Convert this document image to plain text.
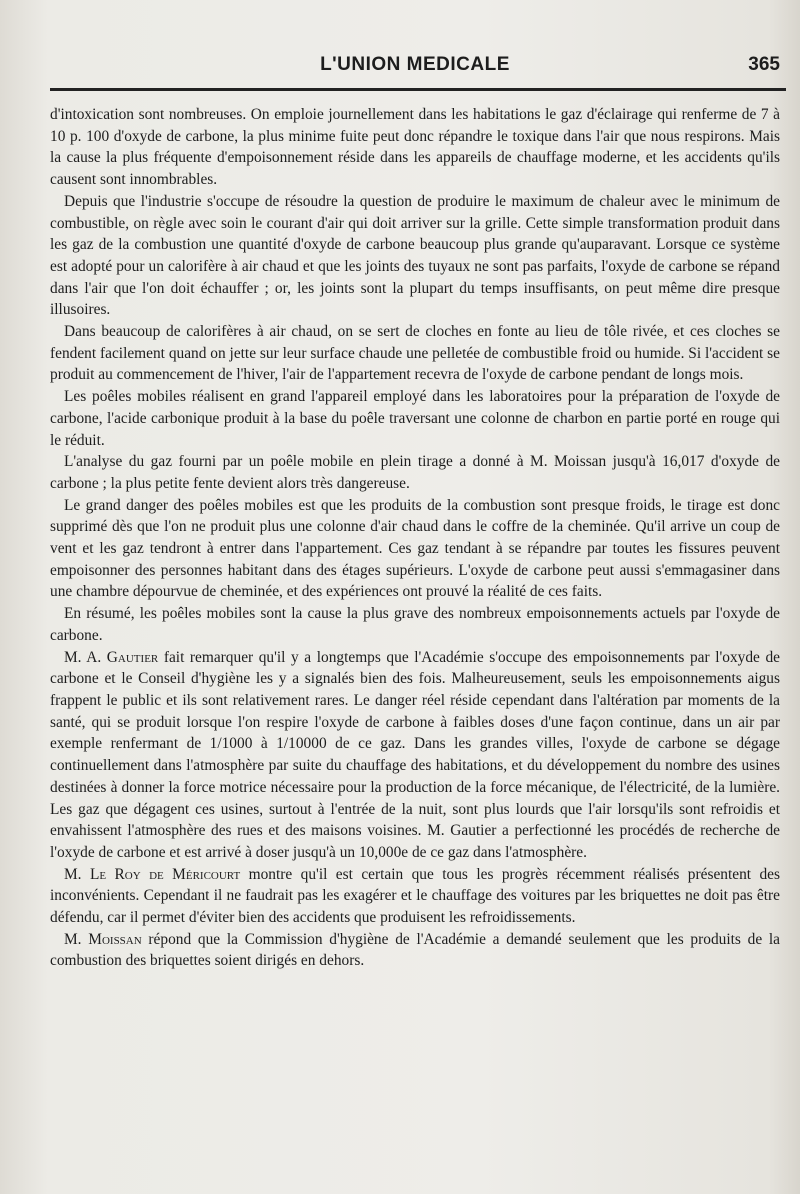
L'UNION MEDICALE	365

d'intoxication sont nombreuses. On emploie journellement dans les habitations le gaz d'éclairage qui renferme de 7 à 10 p. 100 d'oxyde de carbone, la plus minime fuite peut donc répandre le toxique dans l'air que nous respirons. Mais la cause la plus fréquente d'empoisonnement réside dans les appareils de chauffage moderne, et les accidents qu'ils causent sont innombrables.

Depuis que l'industrie s'occupe de résoudre la question de produire le maximum de chaleur avec le minimum de combustible, on règle avec soin le courant d'air qui doit arriver sur la grille. Cette simple transformation produit dans les gaz de la combustion une quantité d'oxyde de carbone beaucoup plus grande qu'auparavant. Lorsque ce système est adopté pour un calorifère à air chaud et que les joints des tuyaux ne sont pas parfaits, l'oxyde de carbone se répand dans l'air que l'on doit échauffer ; or, les joints sont la plupart du temps insuffisants, on peut même dire presque illusoires.

Dans beaucoup de calorifères à air chaud, on se sert de cloches en fonte au lieu de tôle rivée, et ces cloches se fendent facilement quand on jette sur leur surface chaude une pelletée de combustible froid ou humide. Si l'accident se produit au commencement de l'hiver, l'air de l'appartement recevra de l'oxyde de carbone pendant de longs mois.

Les poêles mobiles réalisent en grand l'appareil employé dans les laboratoires pour la préparation de l'oxyde de carbone, l'acide carbonique produit à la base du poêle traversant une colonne de charbon en partie porté en rouge qui le réduit.

L'analyse du gaz fourni par un poêle mobile en plein tirage a donné à M. Moissan jusqu'à 16,017 d'oxyde de carbone ; la plus petite fente devient alors très dangereuse.

Le grand danger des poêles mobiles est que les produits de la combustion sont presque froids, le tirage est donc supprimé dès que l'on ne produit plus une colonne d'air chaud dans le coffre de la cheminée. Qu'il arrive un coup de vent et les gaz tendront à entrer dans l'appartement. Ces gaz tendant à se répandre par toutes les fissures peuvent empoisonner des personnes habitant dans des étages supérieurs. L'oxyde de carbone peut aussi s'emmagasiner dans une chambre dépourvue de cheminée, et des expériences ont prouvé la réalité de ces faits.

En résumé, les poêles mobiles sont la cause la plus grave des nombreux empoisonnements actuels par l'oxyde de carbone.

M. A. Gautier fait remarquer qu'il y a longtemps que l'Académie s'occupe des empoisonnements par l'oxyde de carbone et le Conseil d'hygiène les y a signalés bien des fois. Malheureusement, seuls les empoisonnements aigus frappent le public et ils sont relativement rares. Le danger réel réside cependant dans l'altération par moments de la santé, qui se produit lorsque l'on respire l'oxyde de carbone à faibles doses d'une façon continue, dans un air par exemple renfermant de 1/1000 à 1/10000 de ce gaz. Dans les grandes villes, l'oxyde de carbone se dégage continuellement dans l'atmosphère par suite du chauffage des habitations, et du développement du nombre des usines destinées à donner la force motrice nécessaire pour la production de la force mécanique, de l'électricité, de la lumière. Les gaz que dégagent ces usines, surtout à l'entrée de la nuit, sont plus lourds que l'air lorsqu'ils sont refroidis et envahissent l'atmosphère des rues et des maisons voisines. M. Gautier a perfectionné les procédés de recherche de l'oxyde de carbone et est arrivé à doser jusqu'à un 10,000e de ce gaz dans l'atmosphère.

M. Le Roy de Méricourt montre qu'il est certain que tous les progrès récemment réalisés présentent des inconvénients. Cependant il ne faudrait pas les exagérer et le chauffage des voitures par les briquettes ne doit pas être défendu, car il permet d'éviter bien des accidents que produisent les refroidissements.

M. Moissan répond que la Commission d'hygiène de l'Académie a demandé seulement que les produits de la combustion des briquettes soient dirigés en dehors.
